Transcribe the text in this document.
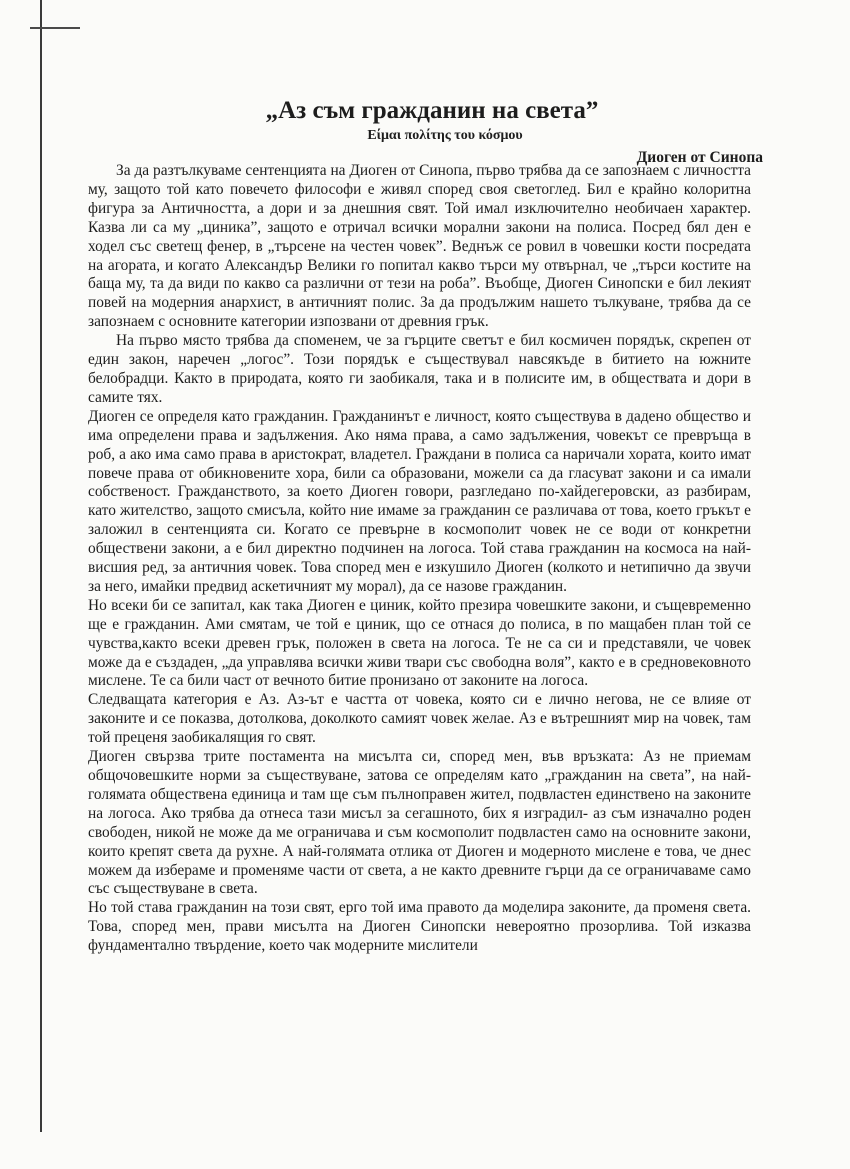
„Аз съм гражданин на света”
Είμαι πολίτης του κόσμου
Диоген от Синопа

За да разтълкуваме сентенцията на Диоген от Синопа, първо трябва да се запознаем с личността му, защото той като повечето философи е живял според своя светоглед. Бил е крайно колоритна фигура за Античността, а дори и за днешния свят. Той имал изключително необичаен характер. Казва ли са му „циника”, защото е отричал всички морални закони на полиса. Посред бял ден е ходел със светещ фенер, в „търсене на честен човек”. Веднъж се ровил в човешки кости посредата на агората, и когато Александър Велики го попитал какво търси му отвърнал, че „търси костите на баща му, та да види по какво са различни от тези на роба”. Въобще, Диоген Синопски е бил лекият повей на модерния анархист, в античният полис. За да продължим нашето тълкуване, трябва да се запознаем с основните категории изпозвани от древния грък.

На първо място трябва да споменем, че за гърците светът е бил космичен порядък, скрепен от един закон, наречен „логос”. Този порядък е съществувал навсякъде в битието на южните белобрадци. Както в природата, която ги заобикаля, така и в полисите им, в обществата и дори в самите тях.

Диоген се определя като гражданин. Гражданинът е личност, която съществува в дадено общество и има определени права и задължения. Ако няма права, а само задължения, човекът се превръща в роб, а ако има само права в аристократ, владетел. Граждани в полиса са наричали хората, които имат повече права от обикновените хора, били са образовани, можели са да гласуват закони и са имали собственост. Гражданството, за което Диоген говори, разгледано по-хайдегеровски, аз разбирам, като жителство, защото смисъла, който ние имаме за гражданин се различава от това, което гръкът е заложил в сентенцията си. Когато се превърне в космополит човек не се води от конкретни обществени закони, а е бил директно подчинен на логоса. Той става гражданин на космоса на най-висшия ред, за античния човек. Това според мен е изкушило Диоген (колкото и нетипично да звучи за него, имайки предвид аскетичният му морал), да се назове гражданин.

Но всеки би се запитал, как така Диоген е циник, който презира човешките закони, и същевременно ще е гражданин. Ами смятам, че той е циник, що се отнася до полиса, в по мащабен план той се чувства,както всеки древен грък, положен в света на логоса. Те не са си и представяли, че човек може да е създаден, „да управлява всички живи твари със свободна воля”, както е в средновековното мислене. Те са били част от вечното битие пронизано от законите на логоса.

Следващата категория е Аз. Аз-ът е частта от човека, която си е лично негова, не се влияе от законите и се показва, дотолкова, доколкото самият човек желае. Аз е вътрешният мир на човек, там той преценя заобикалящия го свят.

Диоген свързва трите постамента на мисълта си, според мен, във връзката: Аз не приемам общочовешките норми за съществуване, затова се определям като „гражданин на света”, на най-голямата обществена единица и там ще съм пълноправен жител, подвластен единствено на законите на логоса. Ако трябва да отнеса тази мисъл за сегашното, бих я изградил- аз съм изначално роден свободен, никой не може да ме ограничава и съм космополит подвластен само на основните закони, които крепят света да рухне. А най-голямата отлика от Диоген и модерното мислене е това, че днес можем да избераме и променяме части от света, а не както древните гърци да се ограничаваме само със съществуване в света.

Но той става гражданин на този свят, ерго той има правото да моделира законите, да променя света. Това, според мен, прави мисълта на Диоген Синопски невероятно прозорлива. Той изказва фундаментално твърдение, което чак модерните мислители
